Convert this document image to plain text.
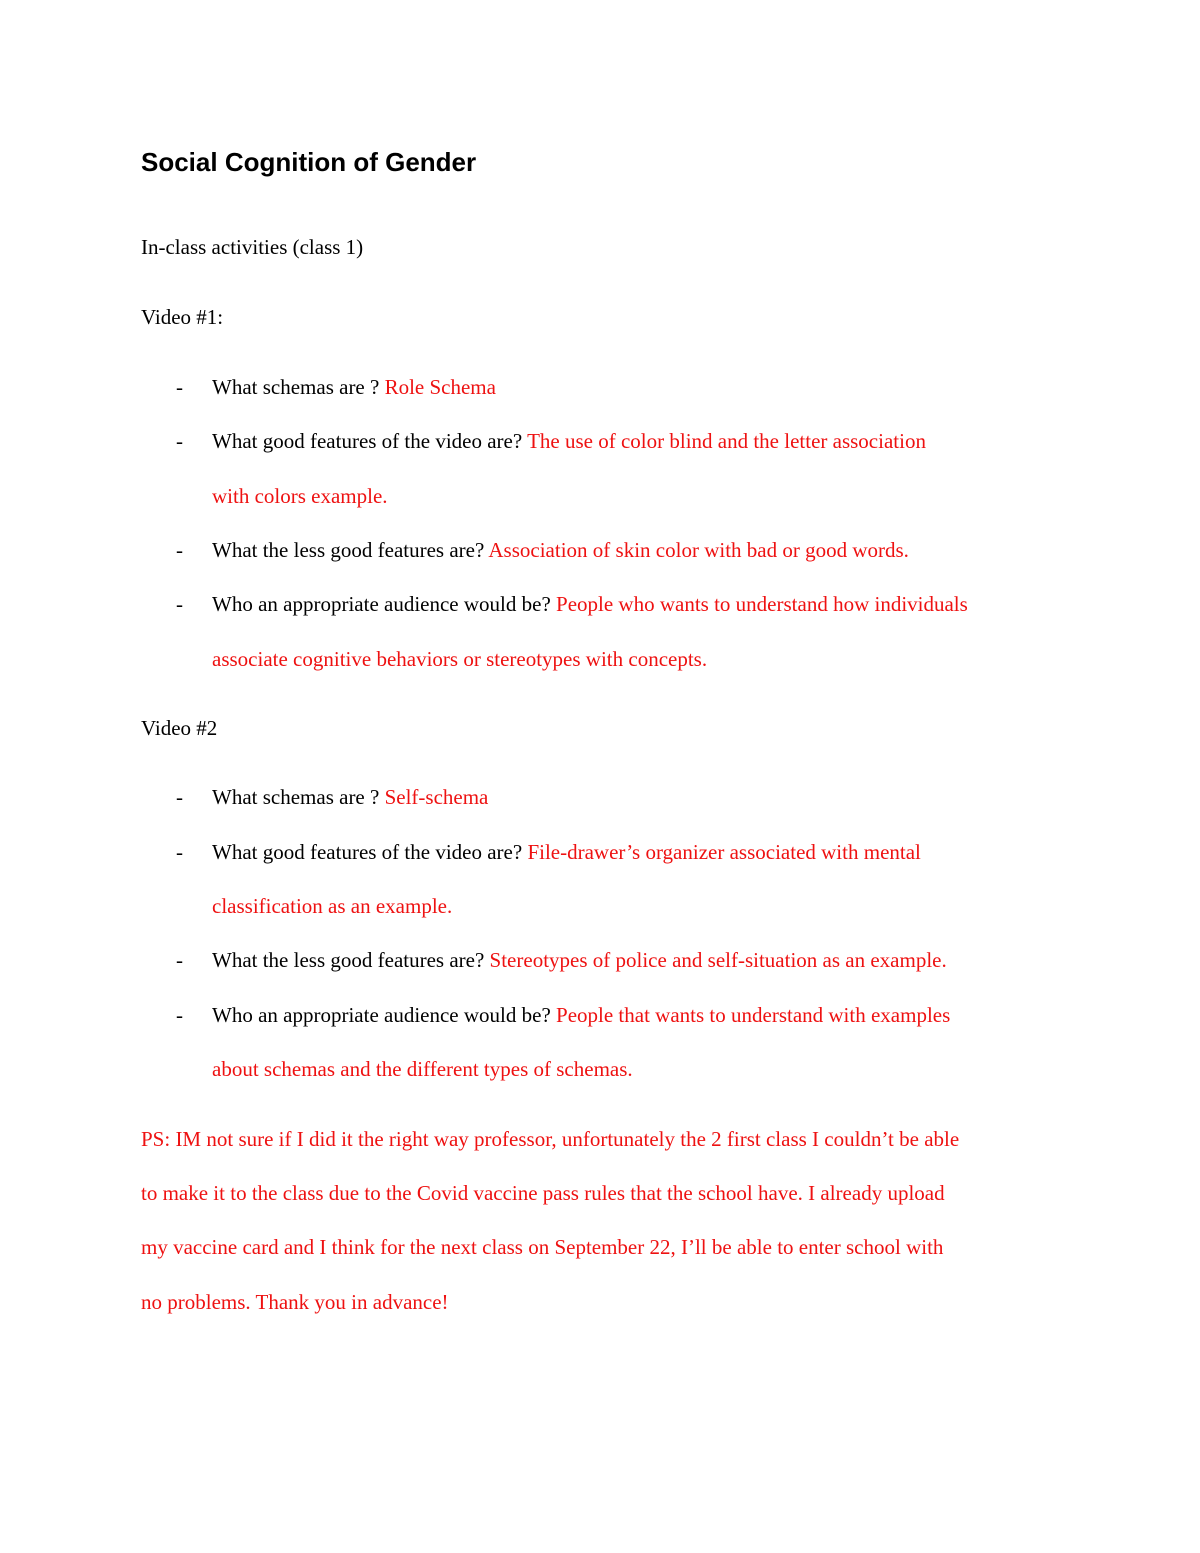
Social Cognition of Gender
In-class activities (class 1)
Video #1:
- What schemas are ? Role Schema
- What good features of the video are? The use of color blind and the letter association
with colors example.
- What the less good features are? Association of skin color with bad or good words.
- Who an appropriate audience would be? People who wants to understand how individuals
associate cognitive behaviors or stereotypes with concepts.
Video #2
- What schemas are ? Self-schema
- What good features of the video are? File-drawer’s organizer associated with mental
classification as an example.
- What the less good features are? Stereotypes of police and self-situation as an example.
- Who an appropriate audience would be? People that wants to understand with examples
about schemas and the different types of schemas.
PS: IM not sure if I did it the right way professor, unfortunately the 2 first class I couldn’t be able
to make it to the class due to the Covid vaccine pass rules that the school have. I already upload
my vaccine card and I think for the next class on September 22, I’ll be able to enter school with
no problems. Thank you in advance!
